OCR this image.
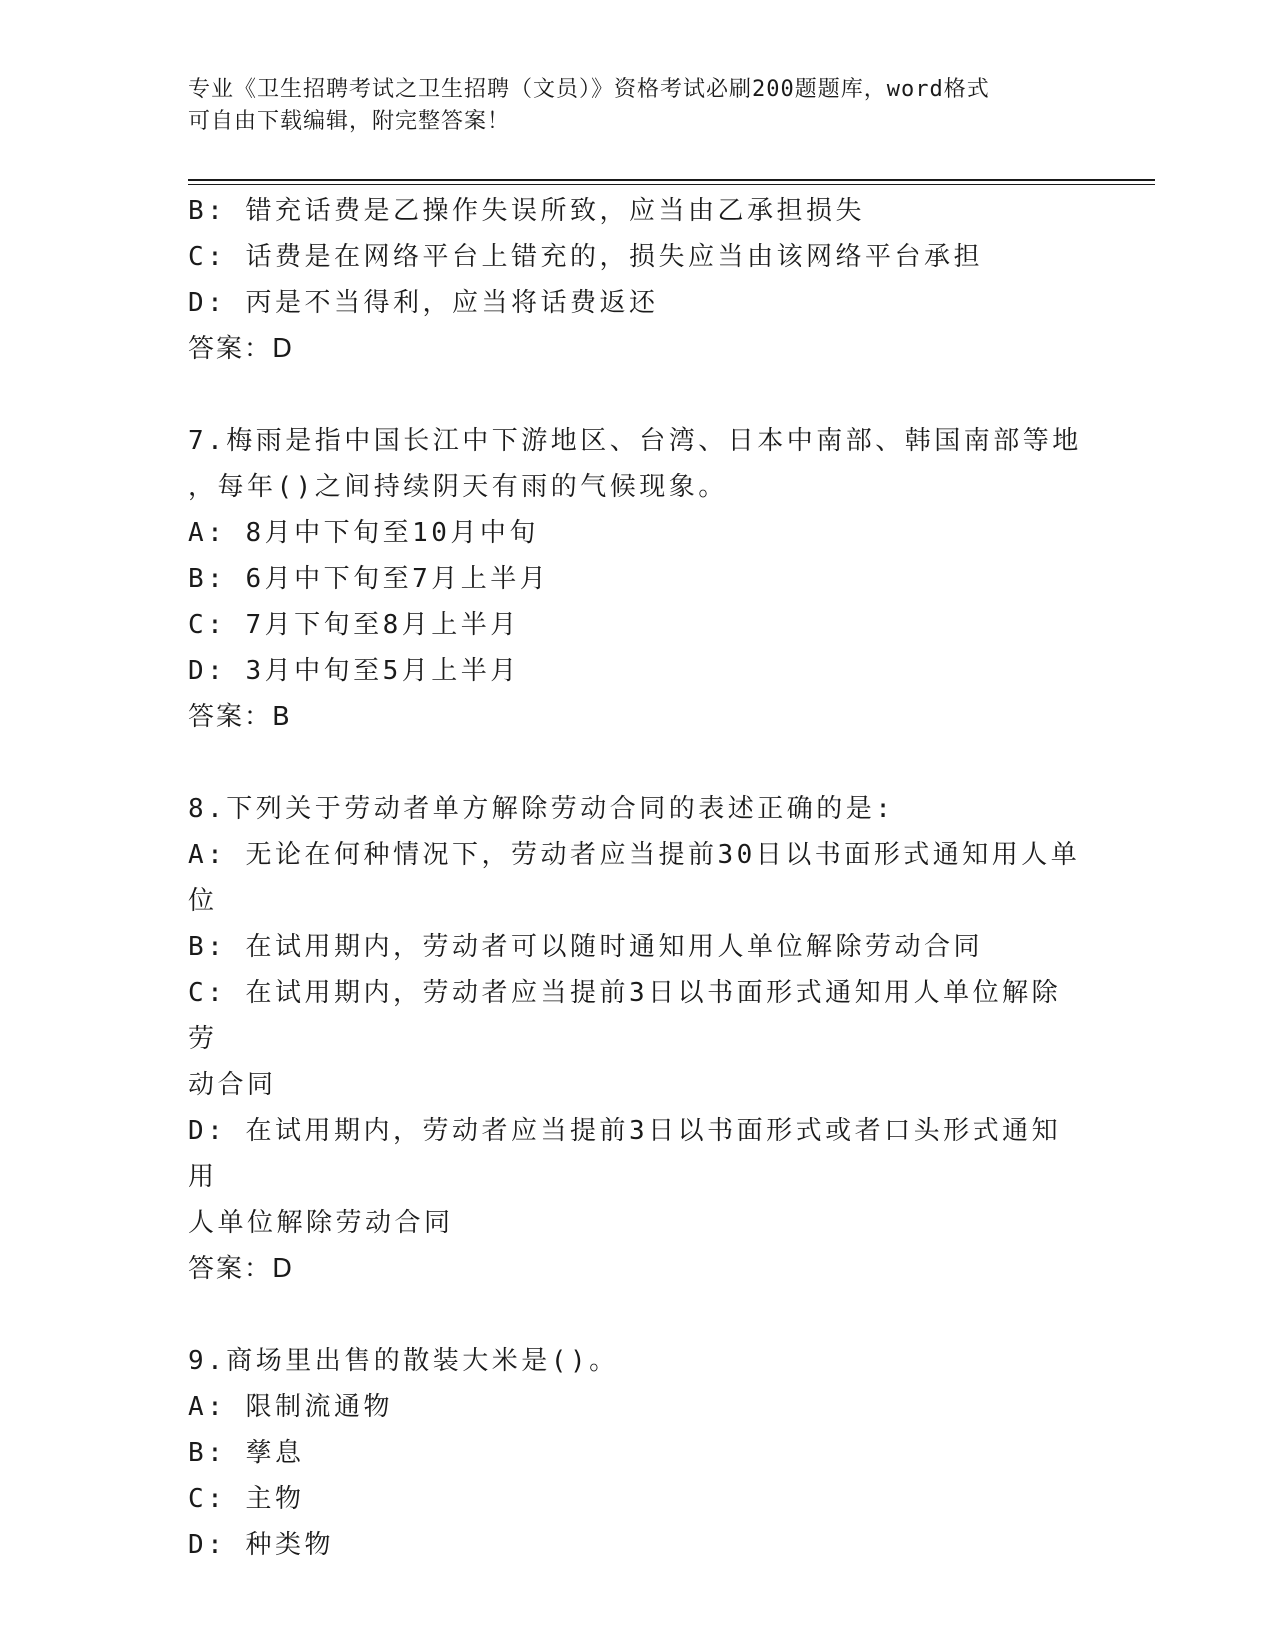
专业《卫生招聘考试之卫生招聘（文员）》资格考试必刷200题题库，word格式
可自由下载编辑，附完整答案！
B: 错充话费是乙操作失误所致，应当由乙承担损失
C: 话费是在网络平台上错充的，损失应当由该网络平台承担
D: 丙是不当得利，应当将话费返还
答案：D
7.梅雨是指中国长江中下游地区、台湾、日本中南部、韩国南部等地
，每年()之间持续阴天有雨的气候现象。
A: 8月中下旬至10月中旬
B: 6月中下旬至7月上半月
C: 7月下旬至8月上半月
D: 3月中旬至5月上半月
答案：B
8.下列关于劳动者单方解除劳动合同的表述正确的是:
A: 无论在何种情况下，劳动者应当提前30日以书面形式通知用人单
位
B: 在试用期内，劳动者可以随时通知用人单位解除劳动合同
C: 在试用期内，劳动者应当提前3日以书面形式通知用人单位解除劳
动合同
D: 在试用期内，劳动者应当提前3日以书面形式或者口头形式通知用
人单位解除劳动合同
答案：D
9.商场里出售的散装大米是()。
A: 限制流通物
B: 孳息
C: 主物
D: 种类物
